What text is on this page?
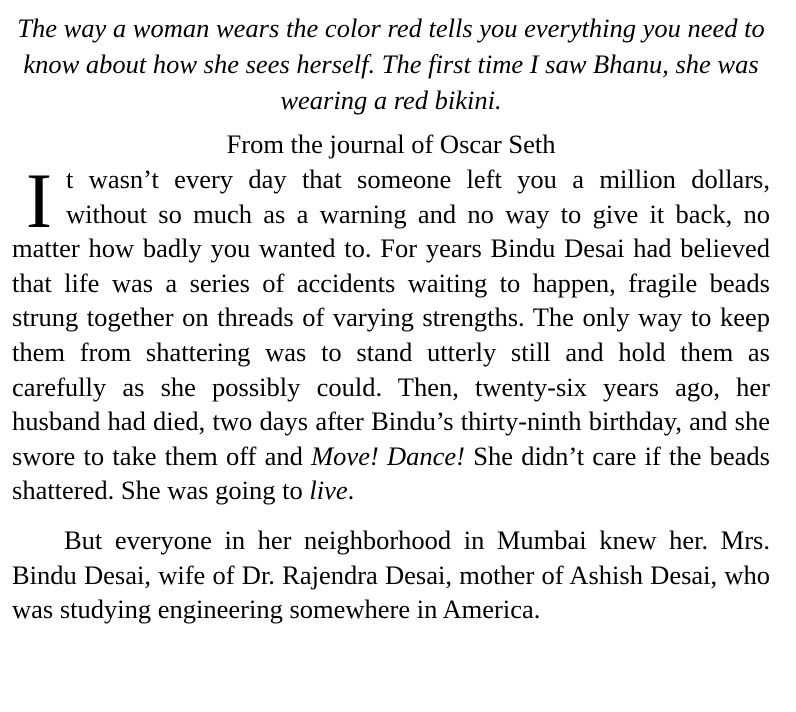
The way a woman wears the color red tells you everything you need to know about how she sees herself. The first time I saw Bhanu, she was wearing a red bikini.

From the journal of Oscar Seth

It wasn’t every day that someone left you a million dollars, without so much as a warning and no way to give it back, no matter how badly you wanted to. For years Bindu Desai had believed that life was a series of accidents waiting to happen, fragile beads strung together on threads of varying strengths. The only way to keep them from shattering was to stand utterly still and hold them as carefully as she possibly could. Then, twenty-six years ago, her husband had died, two days after Bindu’s thirty-ninth birthday, and she swore to take them off and Move! Dance! She didn’t care if the beads shattered. She was going to live.

But everyone in her neighborhood in Mumbai knew her. Mrs. Bindu Desai, wife of Dr. Rajendra Desai, mother of Ashish Desai, who was studying engineering somewhere in America.
